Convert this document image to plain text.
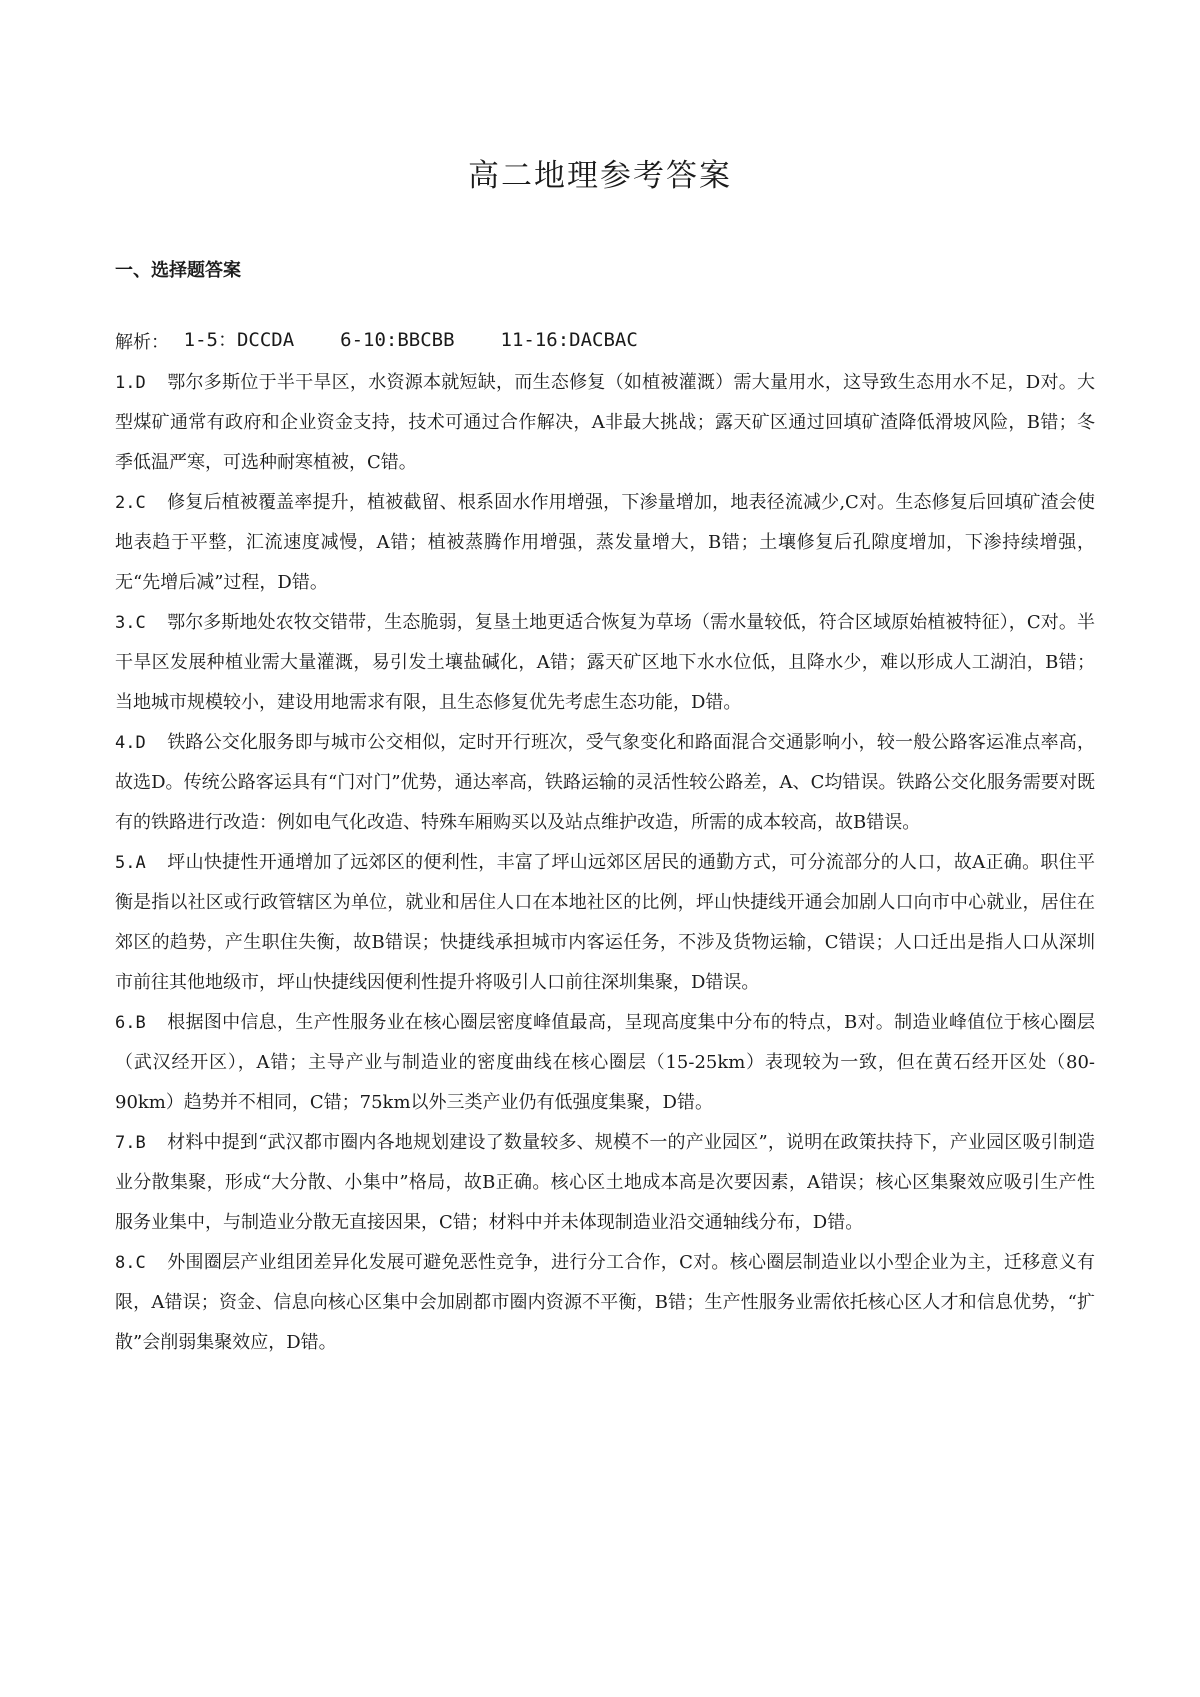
高二地理参考答案
一、选择题答案

1-5：DCCDA 6-10:BBCBB 11-16:DACBAC

解析：

1.D 鄂尔多斯位于半干旱区，水资源本就短缺，而生态修复（如植被灌溉）需大量用水，这导致生态用水不足，D对。大型煤矿通常有政府和企业资金支持，技术可通过合作解决，A非最大挑战；露天矿区通过回填矿渣降低滑坡风险，B错；冬季低温严寒，可选种耐寒植被，C错。

2.C 修复后植被覆盖率提升，植被截留、根系固水作用增强，下渗量增加，地表径流减少,C对。生态修复后回填矿渣会使地表趋于平整，汇流速度减慢，A错；植被蒸腾作用增强，蒸发量增大，B错；土壤修复后孔隙度增加，下渗持续增强，无“先增后减”过程，D错。

3.C 鄂尔多斯地处农牧交错带，生态脆弱，复垦土地更适合恢复为草场（需水量较低，符合区域原始植被特征），C对。半干旱区发展种植业需大量灌溉，易引发土壤盐碱化，A错；露天矿区地下水水位低，且降水少，难以形成人工湖泊，B错；当地城市规模较小，建设用地需求有限，且生态修复优先考虑生态功能，D错。

4.D 铁路公交化服务即与城市公交相似，定时开行班次，受气象变化和路面混合交通影响小，较一般公路客运准点率高，故选D。传统公路客运具有“门对门”优势，通达率高，铁路运输的灵活性较公路差，A、C均错误。铁路公交化服务需要对既有的铁路进行改造：例如电气化改造、特殊车厢购买以及站点维护改造，所需的成本较高，故B错误。

5.A 坪山快捷性开通增加了远郊区的便利性，丰富了坪山远郊区居民的通勤方式，可分流部分的人口，故A正确。职住平衡是指以社区或行政管辖区为单位，就业和居住人口在本地社区的比例，坪山快捷线开通会加剧人口向市中心就业，居住在郊区的趋势，产生职住失衡，故B错误；快捷线承担城市内客运任务，不涉及货物运输，C错误；人口迁出是指人口从深圳市前往其他地级市，坪山快捷线因便利性提升将吸引人口前往深圳集聚，D错误。

6.B 根据图中信息，生产性服务业在核心圈层密度峰值最高，呈现高度集中分布的特点，B对。制造业峰值位于核心圈层（武汉经开区），A错；主导产业与制造业的密度曲线在核心圈层（15-25km）表现较为一致，但在黄石经开区处（80-90km）趋势并不相同，C错；75km以外三类产业仍有低强度集聚，D错。

7.B 材料中提到“武汉都市圈内各地规划建设了数量较多、规模不一的产业园区”，说明在政策扶持下，产业园区吸引制造业分散集聚，形成“大分散、小集中”格局，故B正确。核心区土地成本高是次要因素，A错误；核心区集聚效应吸引生产性服务业集中，与制造业分散无直接因果，C错；材料中并未体现制造业沿交通轴线分布，D错。

8.C 外围圈层产业组团差异化发展可避免恶性竞争，进行分工合作，C对。核心圈层制造业以小型企业为主，迁移意义有限，A错误；资金、信息向核心区集中会加剧都市圈内资源不平衡，B错；生产性服务业需依托核心区人才和信息优势，“扩散”会削弱集聚效应，D错。
